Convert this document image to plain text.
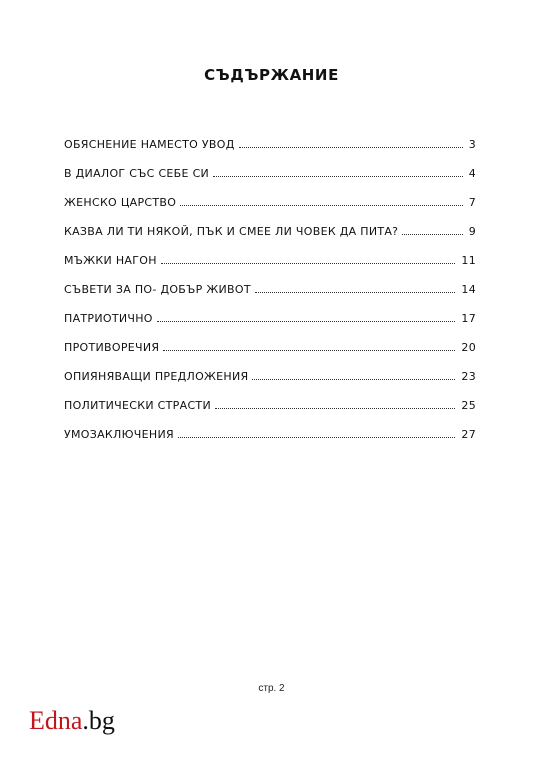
СЪДЪРЖАНИЕ
ОБЯСНЕНИЕ НАМЕСТО УВОД	3
В ДИАЛОГ СЪС СЕБЕ СИ	4
ЖЕНСКО ЦАРСТВО	7
КАЗВА ЛИ ТИ НЯКОЙ, ПЪК И СМЕЕ ЛИ ЧОВЕК ДА ПИТА?	9
МЪЖКИ НАГОН	11
СЪВЕТИ ЗА ПО- ДОБЪР ЖИВОТ	14
ПАТРИОТИЧНО	17
ПРОТИВОРЕЧИЯ	20
ОПИЯНЯВАЩИ ПРЕДЛОЖЕНИЯ	23
ПОЛИТИЧЕСКИ СТРАСТИ	25
УМОЗАКЛЮЧЕНИЯ	27
стр. 2
Edna.bg
